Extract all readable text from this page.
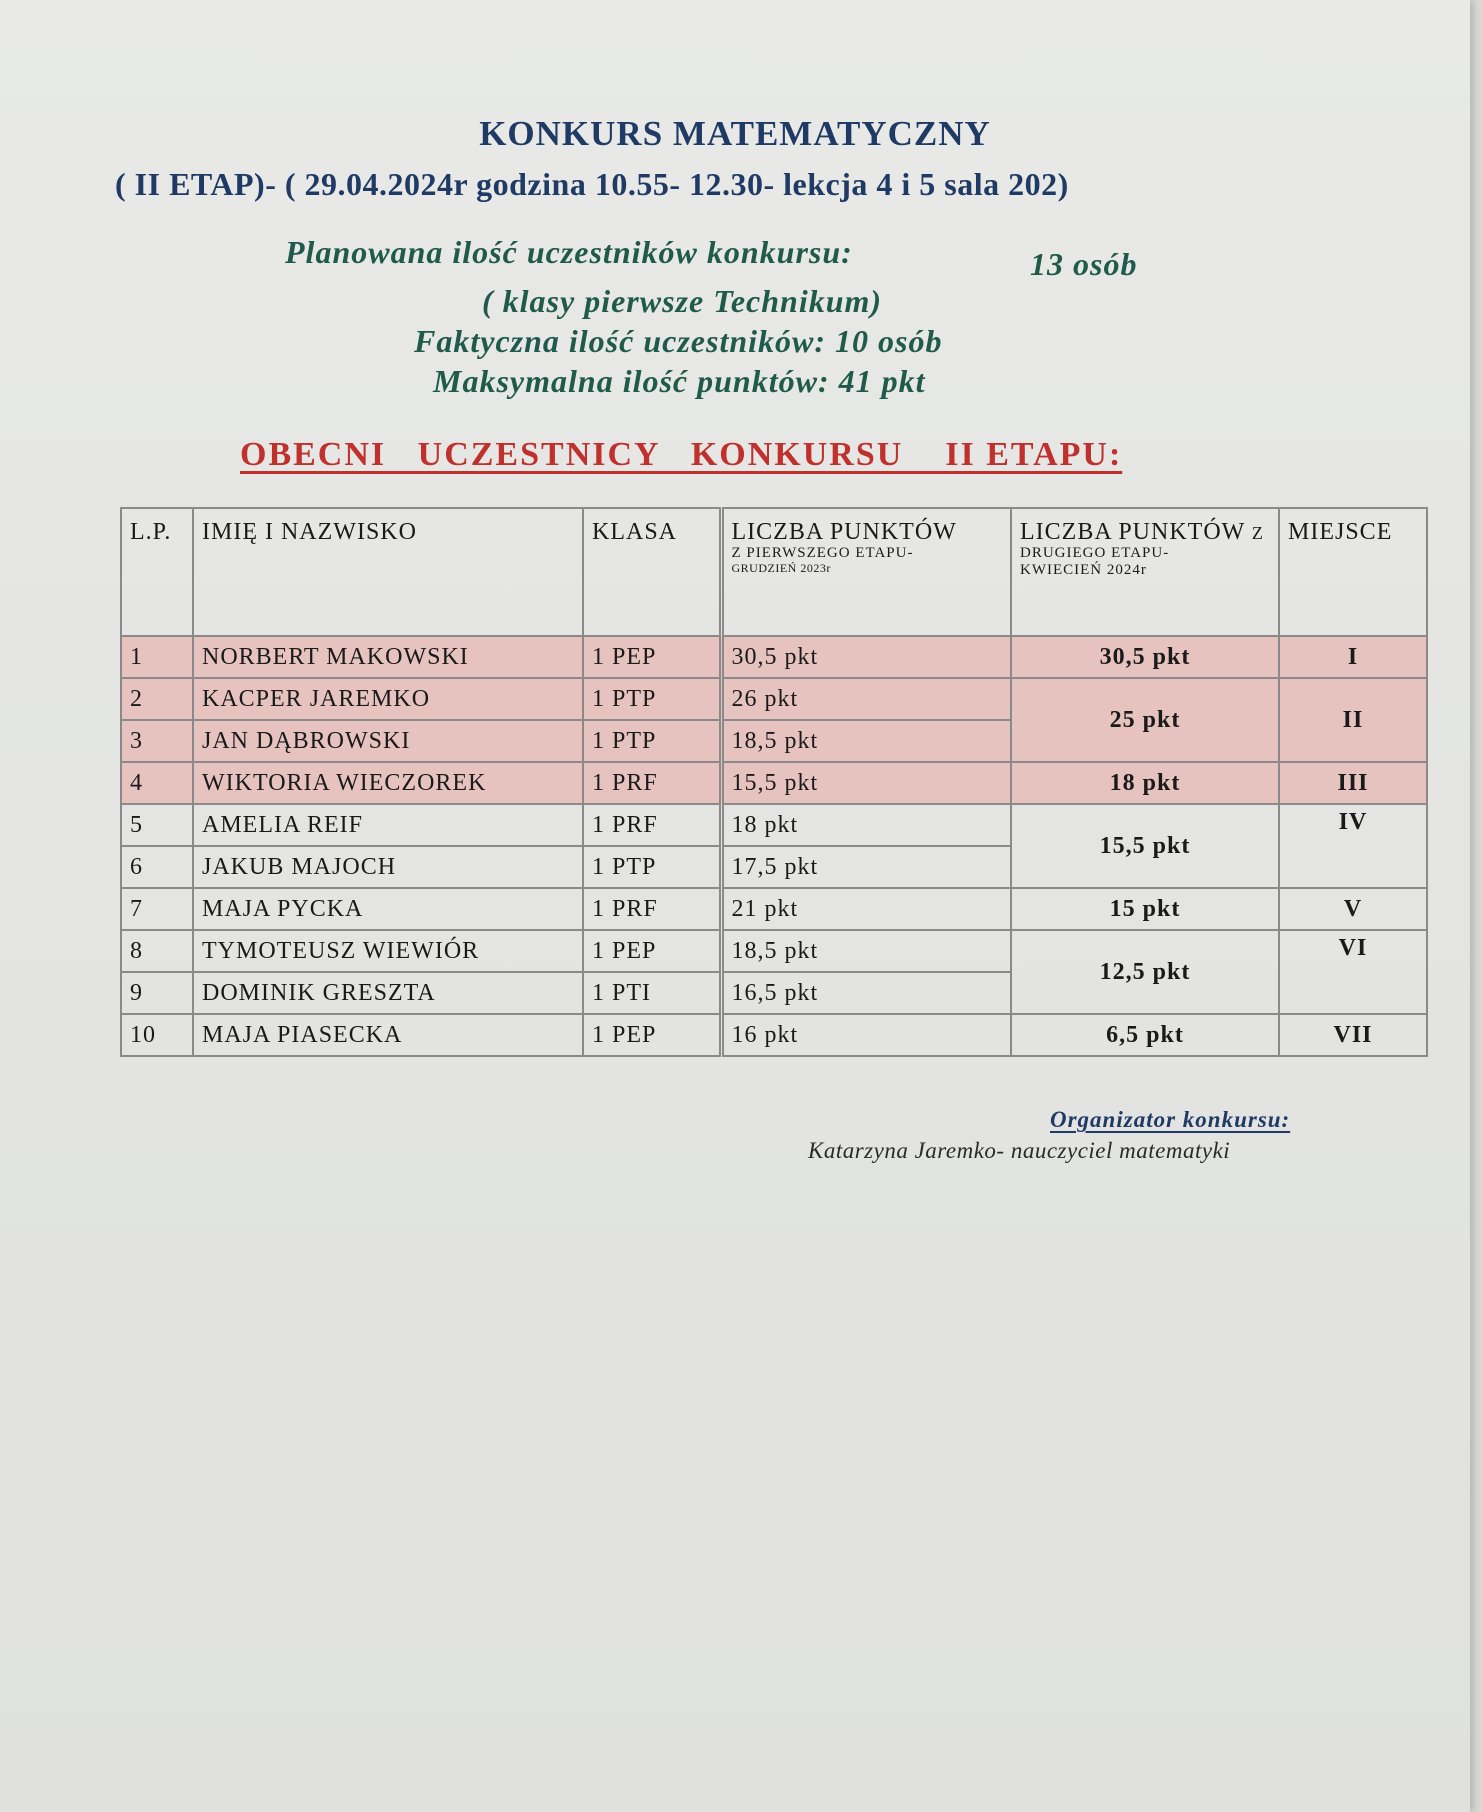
KONKURS MATEMATYCZNY

( II ETAP)- ( 29.04.2024r godzina 10.55- 12.30- lekcja 4 i 5 sala 202)

Planowana ilość uczestników konkursu:	13 osób

( klasy pierwsze Technikum)

Faktyczna ilość uczestników: 10 osób

Maksymalna ilość punktów: 41 pkt

OBECNI   UCZESTNICY   KONKURSU    II ETAPU:

L.P.	IMIĘ I NAZWISKO	KLASA	LICZBA PUNKTÓW
Z PIERWSZEGO ETAPU-
GRUDZIEŃ 2023r	LICZBA PUNKTÓW Z
DRUGIEGO ETAPU-
KWIECIEŃ 2024r	MIEJSCE
1	NORBERT MAKOWSKI	1 PEP	30,5 pkt	30,5 pkt	I
2	KACPER JAREMKO	1 PTP	26 pkt	25 pkt	II
3	JAN DĄBROWSKI	1 PTP	18,5 pkt		
4	WIKTORIA WIECZOREK	1 PRF	15,5 pkt	18 pkt	III
5	AMELIA REIF	1 PRF	18 pkt	15,5 pkt	IV
6	JAKUB MAJOCH	1 PTP	17,5 pkt		
7	MAJA PYCKA	1 PRF	21 pkt	15 pkt	V
8	TYMOTEUSZ WIEWIÓR	1 PEP	18,5 pkt	12,5 pkt	VI
9	DOMINIK GRESZTA	1 PTI	16,5 pkt		
10	MAJA PIASECKA	1 PEP	16 pkt	6,5 pkt	VII

Organizator konkursu:

Katarzyna Jaremko- nauczyciel matematyki
